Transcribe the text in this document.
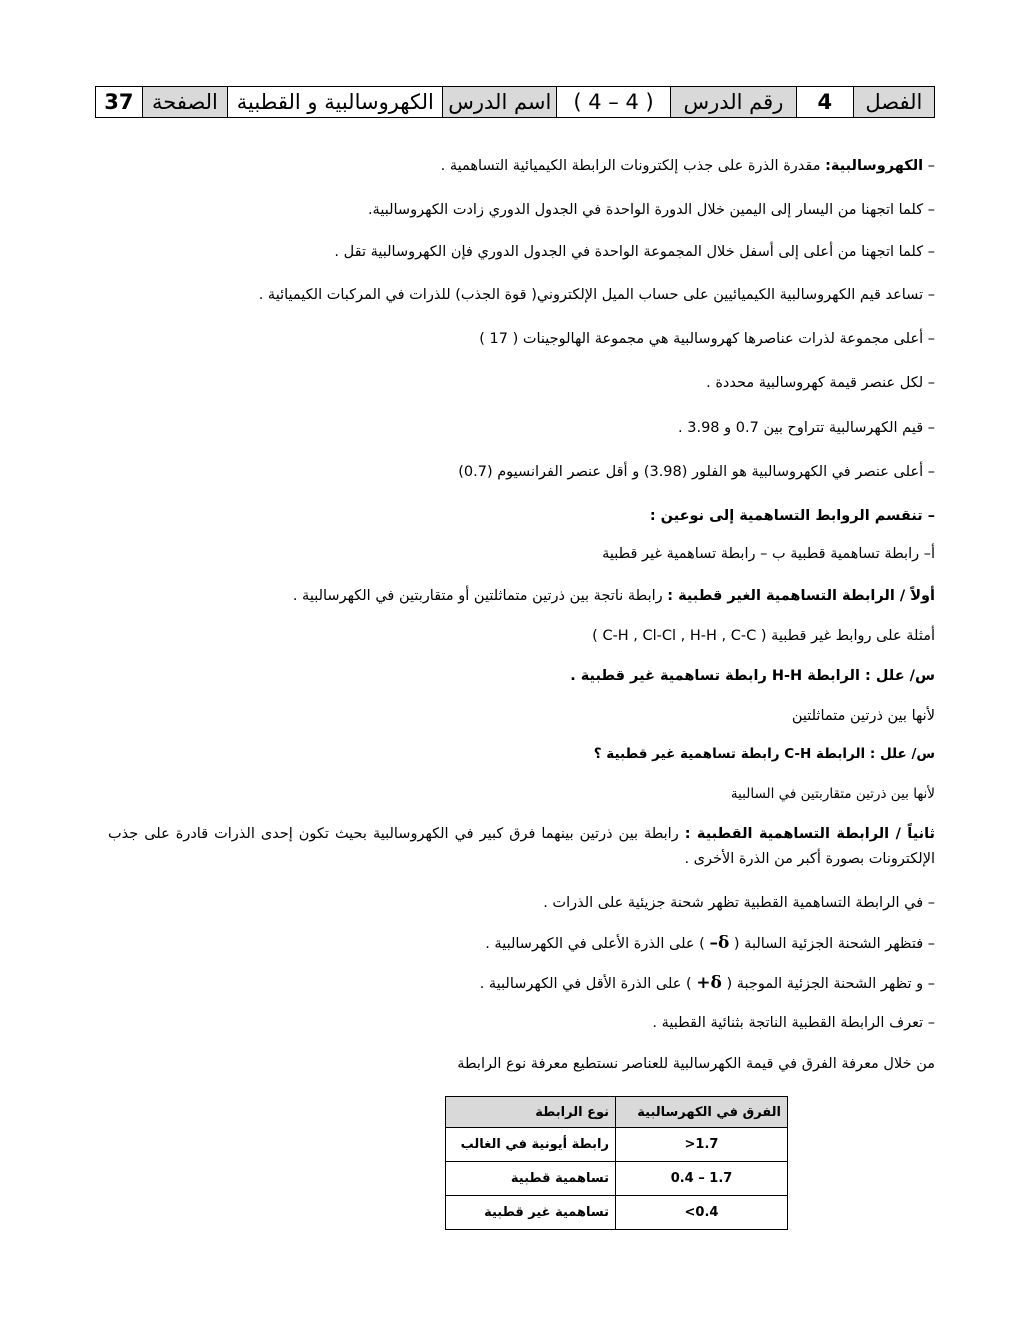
الفصل	4	رقم الدرس	( 4 – 4 )	اسم الدرس	الكهروسالبية و القطبية	الصفحة	37
– الكهروسالبية: مقدرة الذرة على جذب إلكترونات الرابطة الكيميائية التساهمية .
– كلما اتجهنا من اليسار إلى اليمين خلال الدورة الواحدة في الجدول الدوري زادت الكهروسالبية.
– كلما اتجهنا من أعلى إلى أسفل خلال المجموعة الواحدة في الجدول الدوري فإن الكهروسالبية تقل .
– تساعد قيم الكهروسالبية الكيميائيين على حساب الميل الإلكتروني( قوة الجذب) للذرات في المركبات الكيميائية .
– أعلى مجموعة لذرات عناصرها كهروسالبية هي مجموعة الهالوجينات ( 17 )
– لكل عنصر قيمة كهروسالبية محددة .
– قيم الكهرسالبية تتراوح بين 0.7 و 3.98 .
– أعلى عنصر في الكهروسالبية هو الفلور (3.98) و أقل عنصر الفرانسيوم (0.7)
– تنقسم الروابط التساهمية إلى نوعين :
أ– رابطة تساهمية قطبية ب – رابطة تساهمية غير قطبية
أولاً / الرابطة التساهمية الغير قطبية : رابطة ناتجة بين ذرتين متماثلتين أو متقاربتين في الكهرسالبية .
أمثلة على روابط غير قطبية ( C-H , Cl-Cl , H-H , C-C )
س/ علل : الرابطة H-H رابطة تساهمية غير قطبية .
لأنها بين ذرتين متماثلتين
س/ علل : الرابطة C-H رابطة تساهمية غير قطبية ؟
لأنها بين ذرتين متقاربتين في السالبية
ثانياً / الرابطة التساهمية القطبية : رابطة بين ذرتين بينهما فرق كبير في الكهروسالبية بحيث تكون إحدى الذرات قادرة على جذب الإلكترونات بصورة أكبر من الذرة الأخرى .
– في الرابطة التساهمية القطبية تظهر شحنة جزيئية على الذرات .
– فتظهر الشحنة الجزئية السالبة ( δ– ) على الذرة الأعلى في الكهرسالبية .
– و تظهر الشحنة الجزئية الموجبة ( δ+ ) على الذرة الأقل في الكهرسالبية .
– تعرف الرابطة القطبية الناتجة بثنائية القطبية .
من خلال معرفة الفرق في قيمة الكهرسالبية للعناصر نستطيع معرفة نوع الرابطة
الفرق في الكهرسالبية	نوع الرابطة
>1.7	رابطة أيونية في الغالب
0.4 – 1.7	تساهمية قطبية
<0.4	تساهمية غير قطبية
